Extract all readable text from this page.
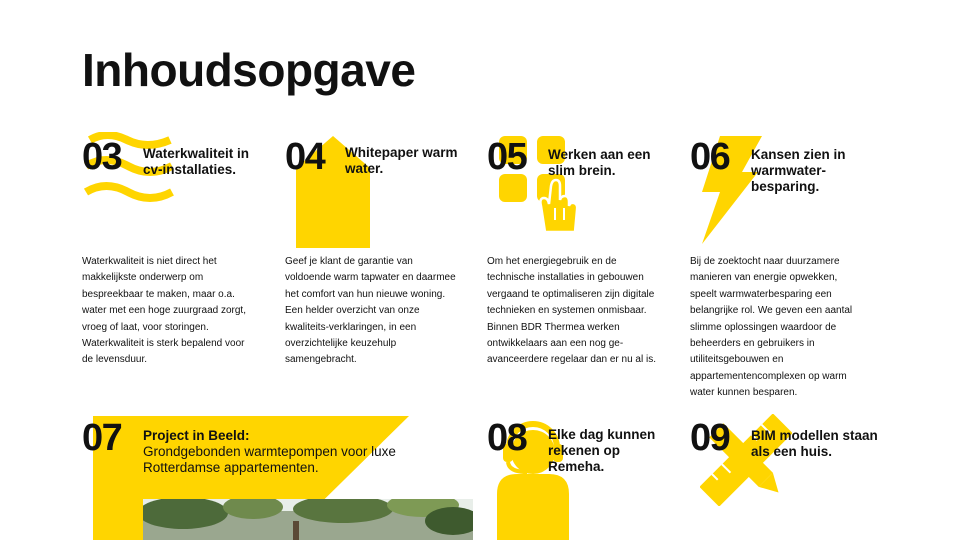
Inhoudsopgave
03 Waterkwaliteit in
cv-installaties.
Waterkwaliteit is niet direct het
makkelijkste onderwerp om
bespreekbaar te maken, maar o.a.
water met een hoge zuurgraad zorgt,
vroeg of laat, voor storingen.
Waterkwaliteit is sterk bepalend voor
de levensduur.
04 Whitepaper warm
water.
Geef je klant de garantie van
voldoende warm tapwater en daarmee
het comfort van hun nieuwe woning.
Een helder overzicht van onze
kwaliteits-verklaringen, in een
overzichtelijke keuzehulp
samengebracht.
05 Werken aan een
slim brein.
Om het energiegebruik en de
technische installaties in gebouwen
vergaand te optimaliseren zijn digitale
technieken en systemen onmisbaar.
Binnen BDR Thermea werken
ontwikkelaars aan een nog ge-
avanceerdere regelaar dan er nu al is.
06 Kansen zien in
warmwater-
besparing.
Bij de zoektocht naar duurzamere
manieren van energie opwekken,
speelt warmwaterbesparing een
belangrijke rol. We geven een aantal
slimme oplossingen waardoor de
beheerders en gebruikers in
utiliteitsgebouwen en
appartementencomplexen op warm
water kunnen besparen.
07 Project in Beeld:
Grondgebonden warmtepompen voor luxe
Rotterdamse appartementen.
08 Elke dag kunnen
rekenen op
Remeha.
09 BIM modellen staan
als een huis.
